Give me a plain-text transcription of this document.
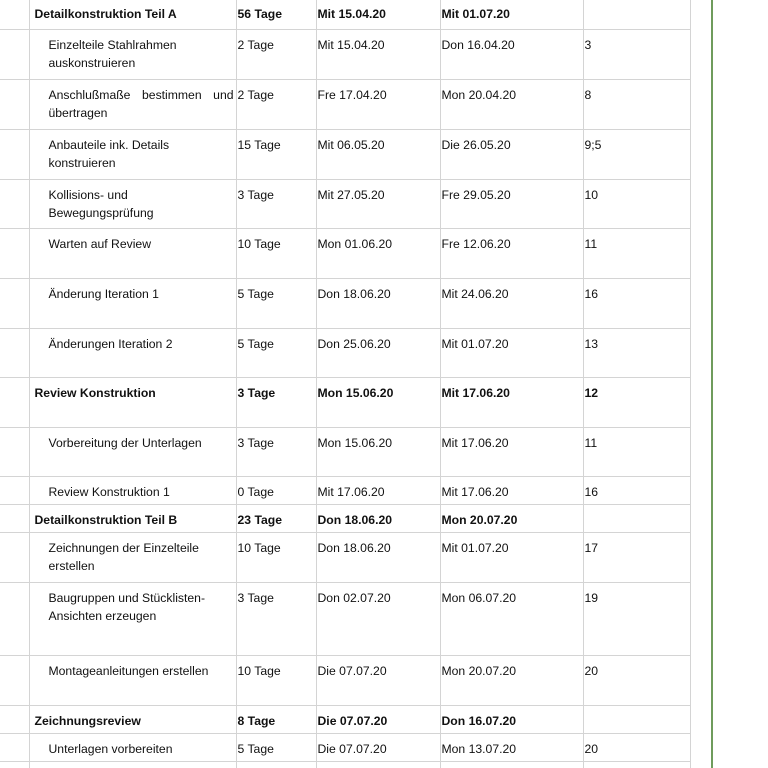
	Detailkonstruktion Teil A	56 Tage	Mit 15.04.20	Mit 01.07.20	
	Einzelteile Stahlrahmen auskonstruieren	2 Tage	Mit 15.04.20	Don 16.04.20	3
	Anschlußmaße bestimmen und übertragen	2 Tage	Fre 17.04.20	Mon 20.04.20	8
	Anbauteile ink. Details konstruieren	15 Tage	Mit 06.05.20	Die 26.05.20	9;5
	Kollisions- und Bewegungsprüfung	3 Tage	Mit 27.05.20	Fre 29.05.20	10
	Warten auf Review	10 Tage	Mon 01.06.20	Fre 12.06.20	11
	Änderung Iteration 1	5 Tage	Don 18.06.20	Mit 24.06.20	16
	Änderungen Iteration 2	5 Tage	Don 25.06.20	Mit 01.07.20	13
	Review Konstruktion	3 Tage	Mon 15.06.20	Mit 17.06.20	12
	Vorbereitung der Unterlagen	3 Tage	Mon 15.06.20	Mit 17.06.20	11
	Review Konstruktion 1	0 Tage	Mit 17.06.20	Mit 17.06.20	16
	Detailkonstruktion Teil B	23 Tage	Don 18.06.20	Mon 20.07.20	
	Zeichnungen der Einzelteile erstellen	10 Tage	Don 18.06.20	Mit 01.07.20	17
	Baugruppen und Stücklisten-Ansichten erzeugen	3 Tage	Don 02.07.20	Mon 06.07.20	19
	Montageanleitungen erstellen	10 Tage	Die 07.07.20	Mon 20.07.20	20
	Zeichnungsreview	8 Tage	Die 07.07.20	Don 16.07.20	
	Unterlagen vorbereiten	5 Tage	Die 07.07.20	Mon 13.07.20	20
